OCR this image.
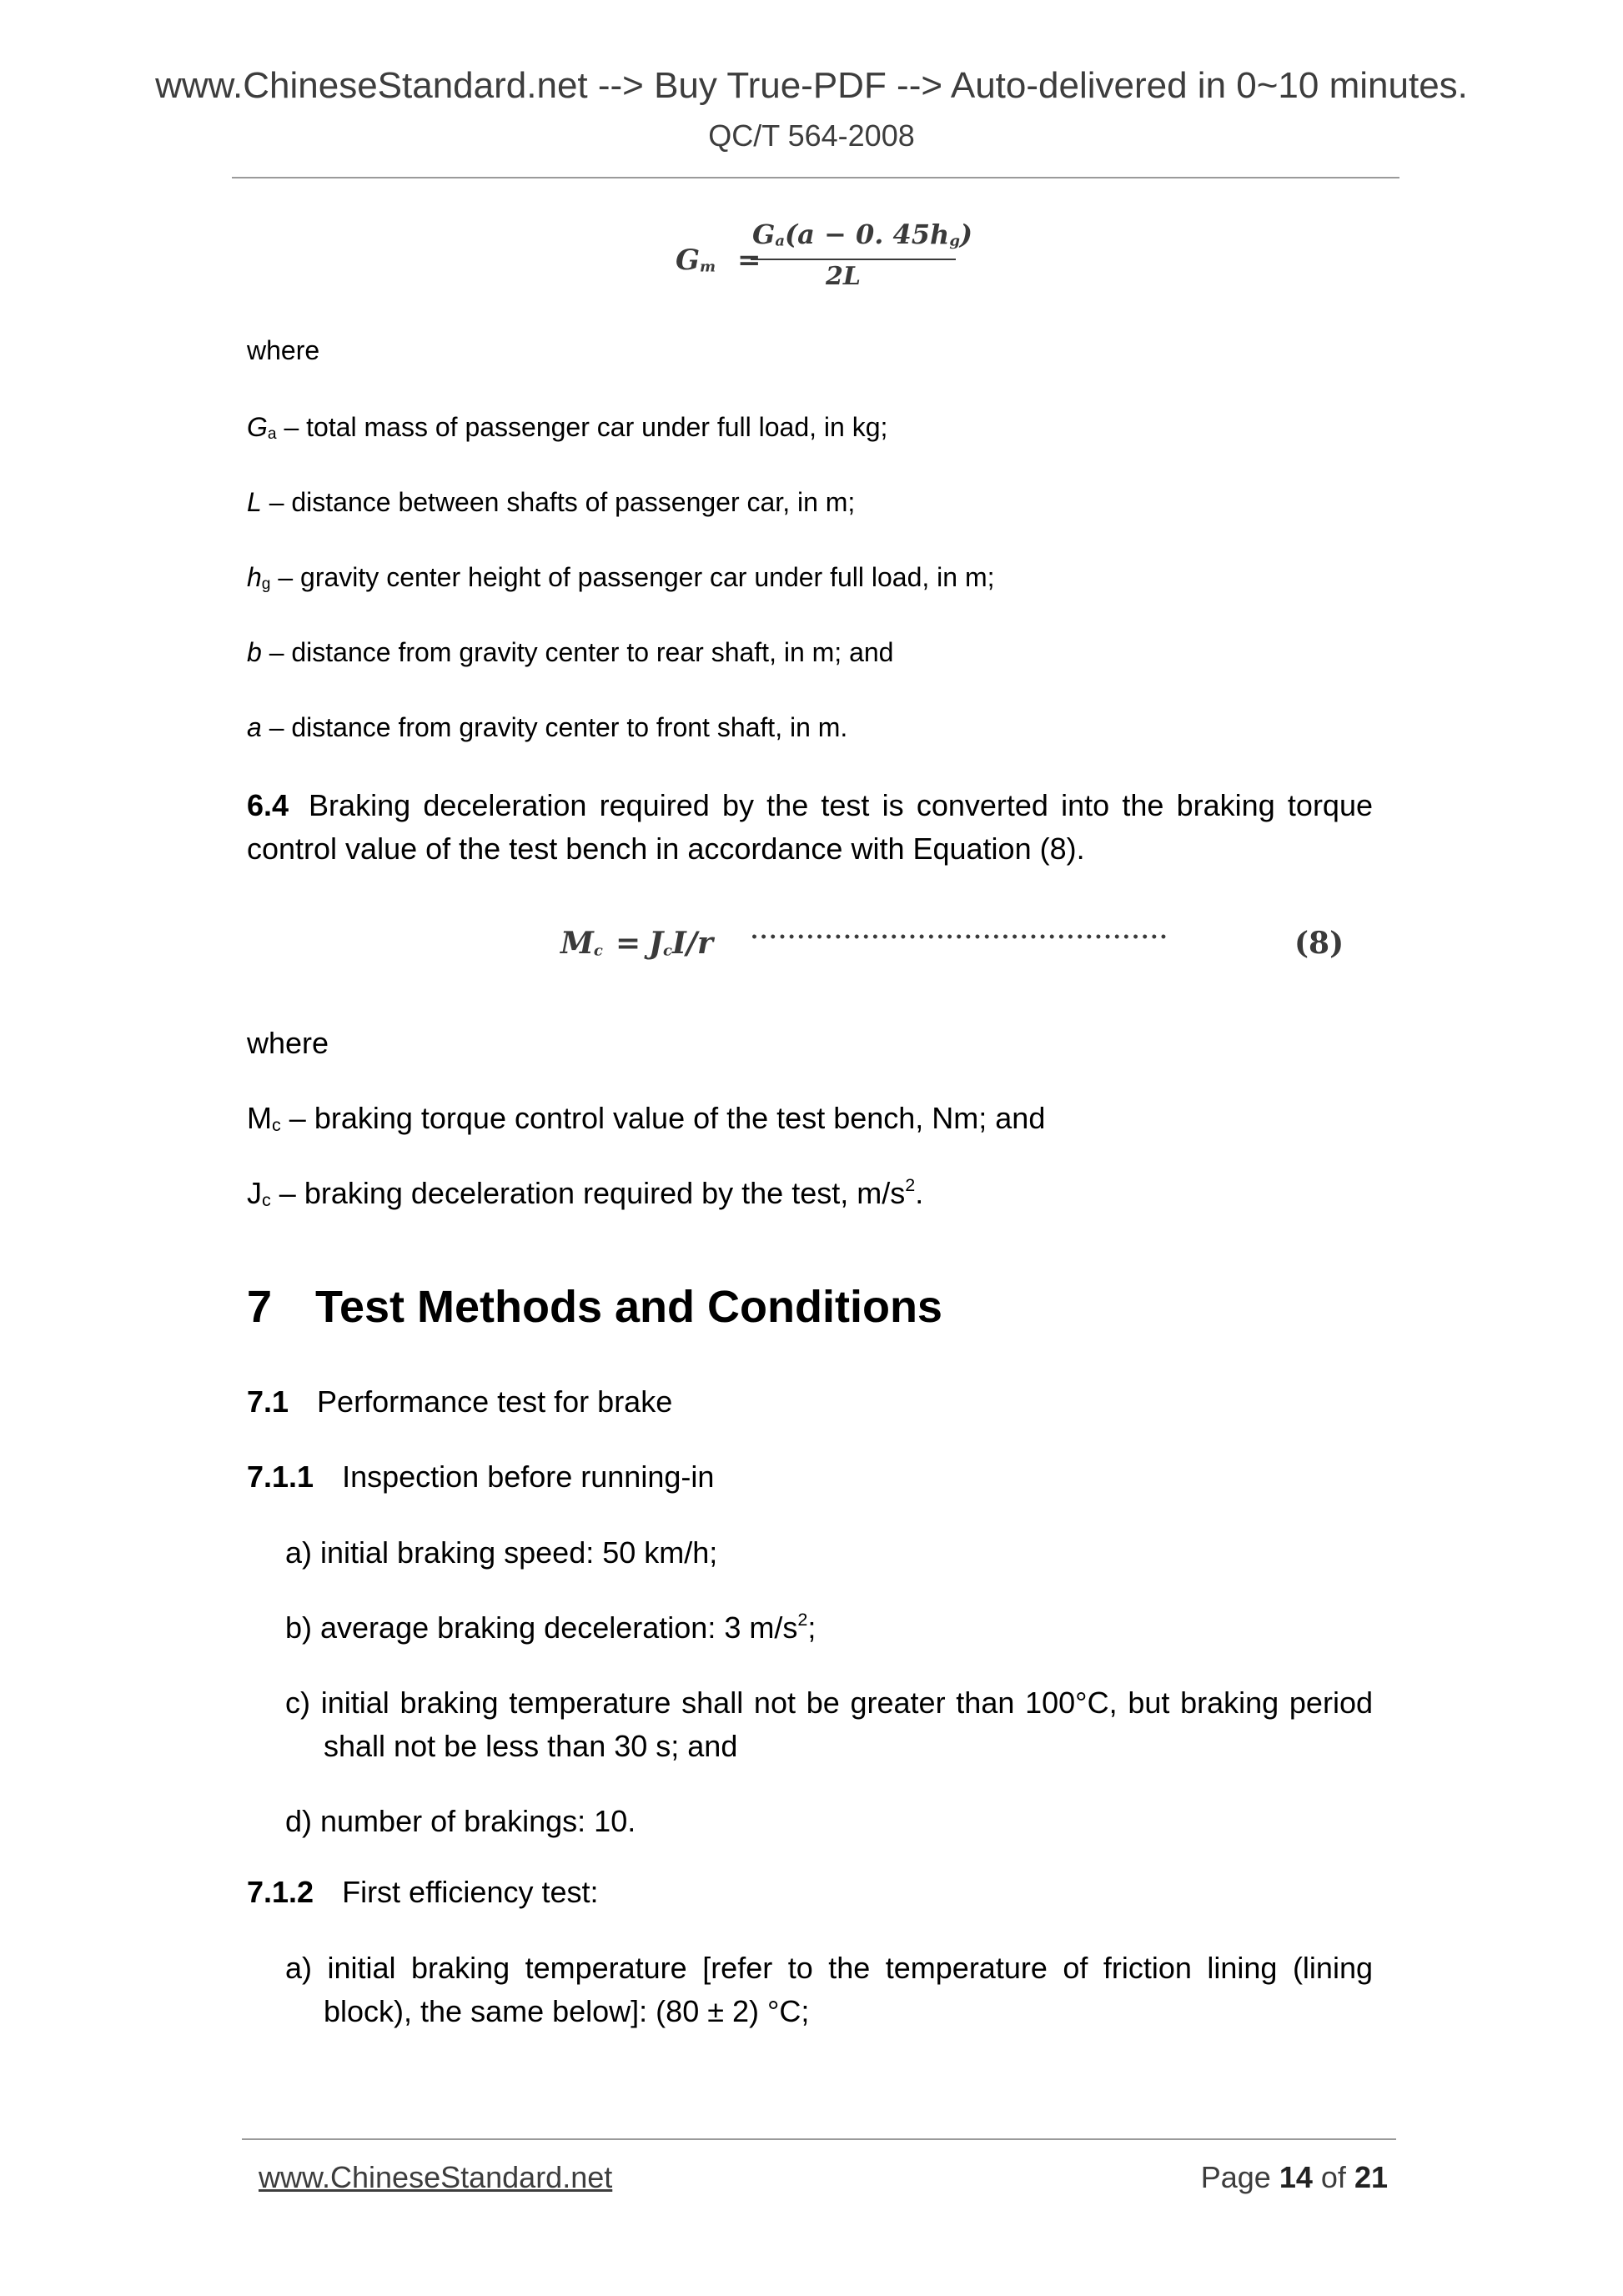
www.ChineseStandard.net --> Buy True-PDF --> Auto-delivered in 0~10 minutes.
QC/T 564-2008
$G_m$ =
$G_a(a - 0$. $45h_g$)
2L
where
$G_a$ – total mass of passenger car under full load, in kg;
L – distance between shafts of passenger car, in m;
$h_g$ – gravity center height of passenger car under full load, in m;
b – distance from gravity center to rear shaft, in m; and
a – distance from gravity center to front shaft, in m.
6.4 Braking deceleration required by the test is converted into the braking torque control value of the test bench in accordance with Equation (8).
$M_c = J_cI/r$	•••••••••••••••••••••••••••••••••••••••••••••	(8)
where
$M_c$ – braking torque control value of the test bench, Nm; and
$J_c$ – braking deceleration required by the test, $m/s^2$.
7 Test Methods and Conditions
7.1 Performance test for brake
7.1.1 Inspection before running-in
a) initial braking speed: 50 km/h;
b) average braking deceleration: 3 $m/s^2$;
c) initial braking temperature shall not be greater than 100°C, but braking period
shall not be less than 30 s; and
d) number of brakings: 10.
7.1.2 First efficiency test:
a) initial braking temperature [refer to the temperature of friction lining (lining
block), the same below]: (80 ± 2) °C;
www.ChineseStandard.net	Page 14 of 21
